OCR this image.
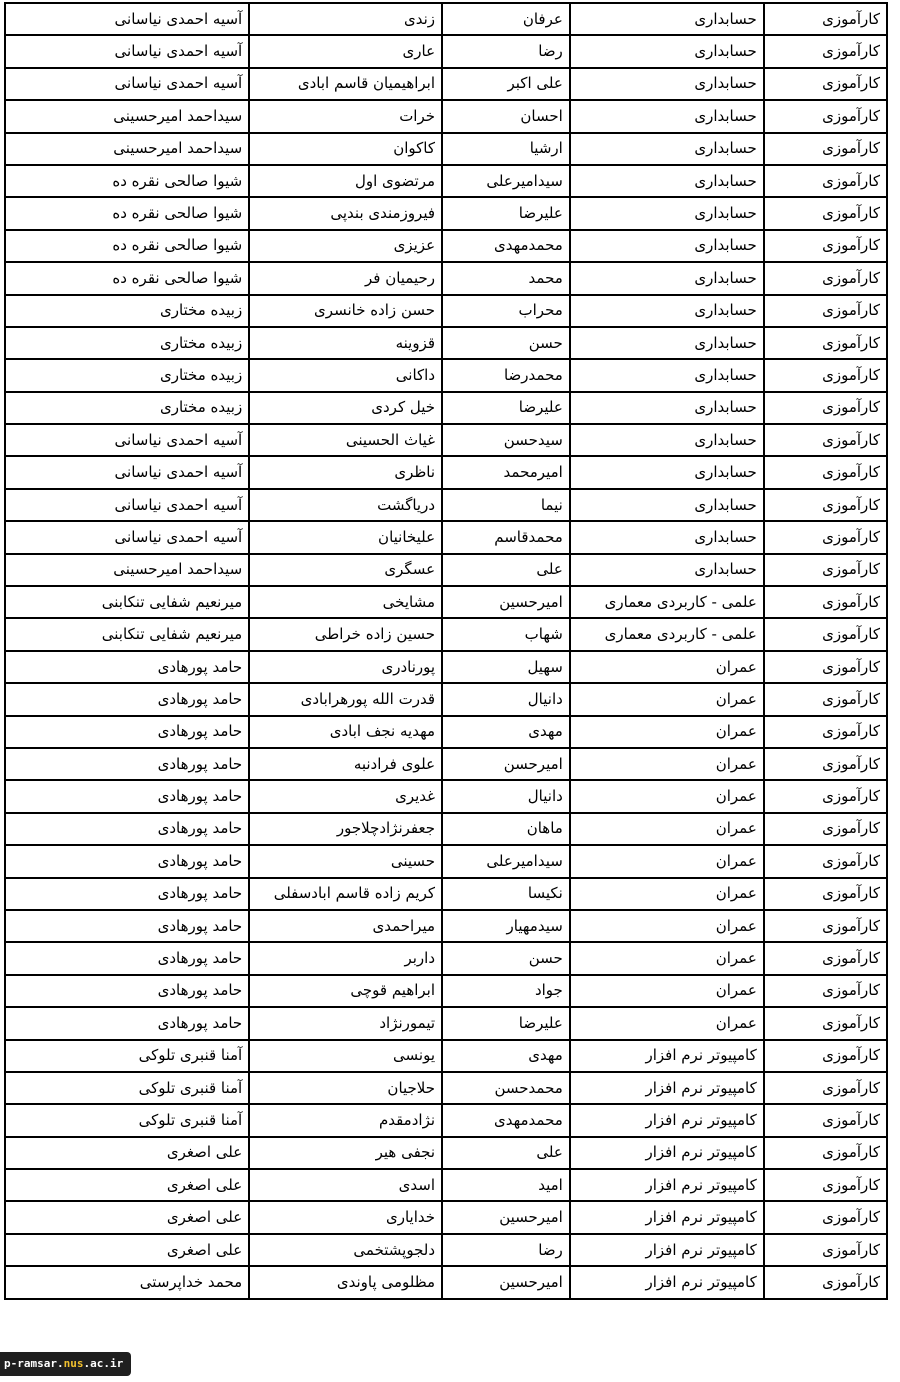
کارآموزی	حسابداری	عرفان	زندی	آسیه احمدی نیاسانی
کارآموزی	حسابداری	رضا	عاری	آسیه احمدی نیاسانی
کارآموزی	حسابداری	علی اکبر	ابراهیمیان قاسم ابادی	آسیه احمدی نیاسانی
کارآموزی	حسابداری	احسان	خرات	سیداحمد امیرحسینی
کارآموزی	حسابداری	ارشیا	کاکوان	سیداحمد امیرحسینی
کارآموزی	حسابداری	سیدامیرعلی	مرتضوی اول	شیوا صالحی نقره ده
کارآموزی	حسابداری	علیرضا	فیروزمندی بندپی	شیوا صالحی نقره ده
کارآموزی	حسابداری	محمدمهدی	عزیزی	شیوا صالحی نقره ده
کارآموزی	حسابداری	محمد	رحیمیان فر	شیوا صالحی نقره ده
کارآموزی	حسابداری	محراب	حسن زاده خانسری	زبیده مختاری
کارآموزی	حسابداری	حسن	قزوینه	زبیده مختاری
کارآموزی	حسابداری	محمدرضا	داکانی	زبیده مختاری
کارآموزی	حسابداری	علیرضا	خیل کردی	زبیده مختاری
کارآموزی	حسابداری	سیدحسن	غیاث الحسینی	آسیه احمدی نیاسانی
کارآموزی	حسابداری	امیرمحمد	ناظری	آسیه احمدی نیاسانی
کارآموزی	حسابداری	نیما	دریاگشت	آسیه احمدی نیاسانی
کارآموزی	حسابداری	محمدقاسم	علیخانیان	آسیه احمدی نیاسانی
کارآموزی	حسابداری	علی	عسگری	سیداحمد امیرحسینی
کارآموزی	علمی - کاربردی معماری	امیرحسین	مشایخی	میرنعیم شفایی تنکابنی
کارآموزی	علمی - کاربردی معماری	شهاب	حسین زاده خراطی	میرنعیم شفایی تنکابنی
کارآموزی	عمران	سهیل	پورنادری	حامد پورهادی
کارآموزی	عمران	دانیال	قدرت الله پورهرابادی	حامد پورهادی
کارآموزی	عمران	مهدی	مهدیه نجف ابادی	حامد پورهادی
کارآموزی	عمران	امیرحسن	علوی فرادنبه	حامد پورهادی
کارآموزی	عمران	دانیال	غدیری	حامد پورهادی
کارآموزی	عمران	ماهان	جعفرنژادچلاجور	حامد پورهادی
کارآموزی	عمران	سیدامیرعلی	حسینی	حامد پورهادی
کارآموزی	عمران	نکیسا	کریم زاده قاسم ابادسفلی	حامد پورهادی
کارآموزی	عمران	سیدمهیار	میراحمدی	حامد پورهادی
کارآموزی	عمران	حسن	داربر	حامد پورهادی
کارآموزی	عمران	جواد	ابراهیم قوچی	حامد پورهادی
کارآموزی	عمران	علیرضا	تیمورنژاد	حامد پورهادی
کارآموزی	کامپیوتر نرم افزار	مهدی	یونسی	آمنا قنبری تلوکی
کارآموزی	کامپیوتر نرم افزار	محمدحسن	حلاجیان	آمنا قنبری تلوکی
کارآموزی	کامپیوتر نرم افزار	محمدمهدی	نژادمقدم	آمنا قنبری تلوکی
کارآموزی	کامپیوتر نرم افزار	علی	نجفی هیر	علی اصغری
کارآموزی	کامپیوتر نرم افزار	امید	اسدی	علی اصغری
کارآموزی	کامپیوتر نرم افزار	امیرحسین	خدایاری	علی اصغری
کارآموزی	کامپیوتر نرم افزار	رضا	دلجوپشتخمی	علی اصغری
کارآموزی	کامپیوتر نرم افزار	امیرحسین	مظلومی پاوندی	محمد خداپرستی
p-ramsar.nus.ac.ir
